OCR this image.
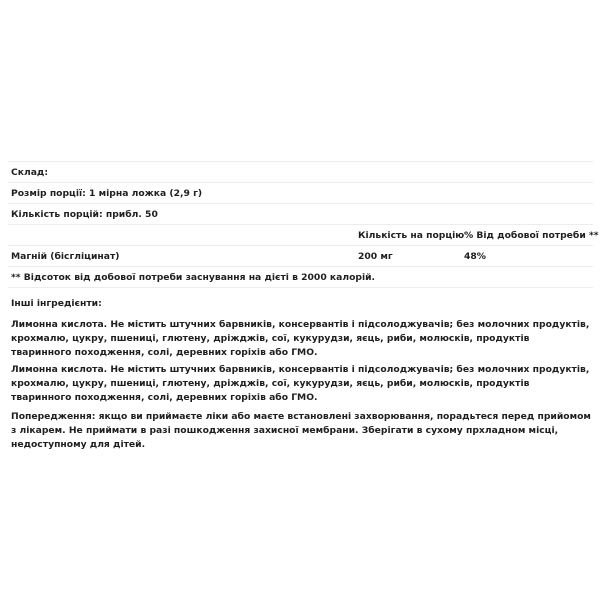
Склад:		
Розмір порції: 1 мірна ложка (2,9 г)		
Кількість порцій: прибл. 50		
	Кількість на порцію	% Від добової потреби **
Магній (бісгліцинат)	200 мг	48%
** Відсоток від добової потреби заснування на дієті в 2000 калорій.		

Інші інгредієнти:

Лимонна кислота. Не містить штучних барвників, консервантів і підсолоджувачів; без молочних продуктів, крохмалю, цукру, пшениці, глютену, дріжджів, сої, кукурудзи, яєць, риби, молюсків, продуктів тваринного походження, солі, деревних горіхів або ГМО.

Лимонна кислота. Не містить штучних барвників, консервантів і підсолоджувачів; без молочних продуктів, крохмалю, цукру, пшениці, глютену, дріжджів, сої, кукурудзи, яєць, риби, молюсків, продуктів тваринного походження, солі, деревних горіхів або ГМО.

Попередження: якщо ви приймаєте ліки або маєте встановлені захворювання, порадьтеся перед прийомом з лікарем. Не приймати в разі пошкодження захисної мембрани. Зберігати в сухому прхладном місці, недоступному для дітей.
